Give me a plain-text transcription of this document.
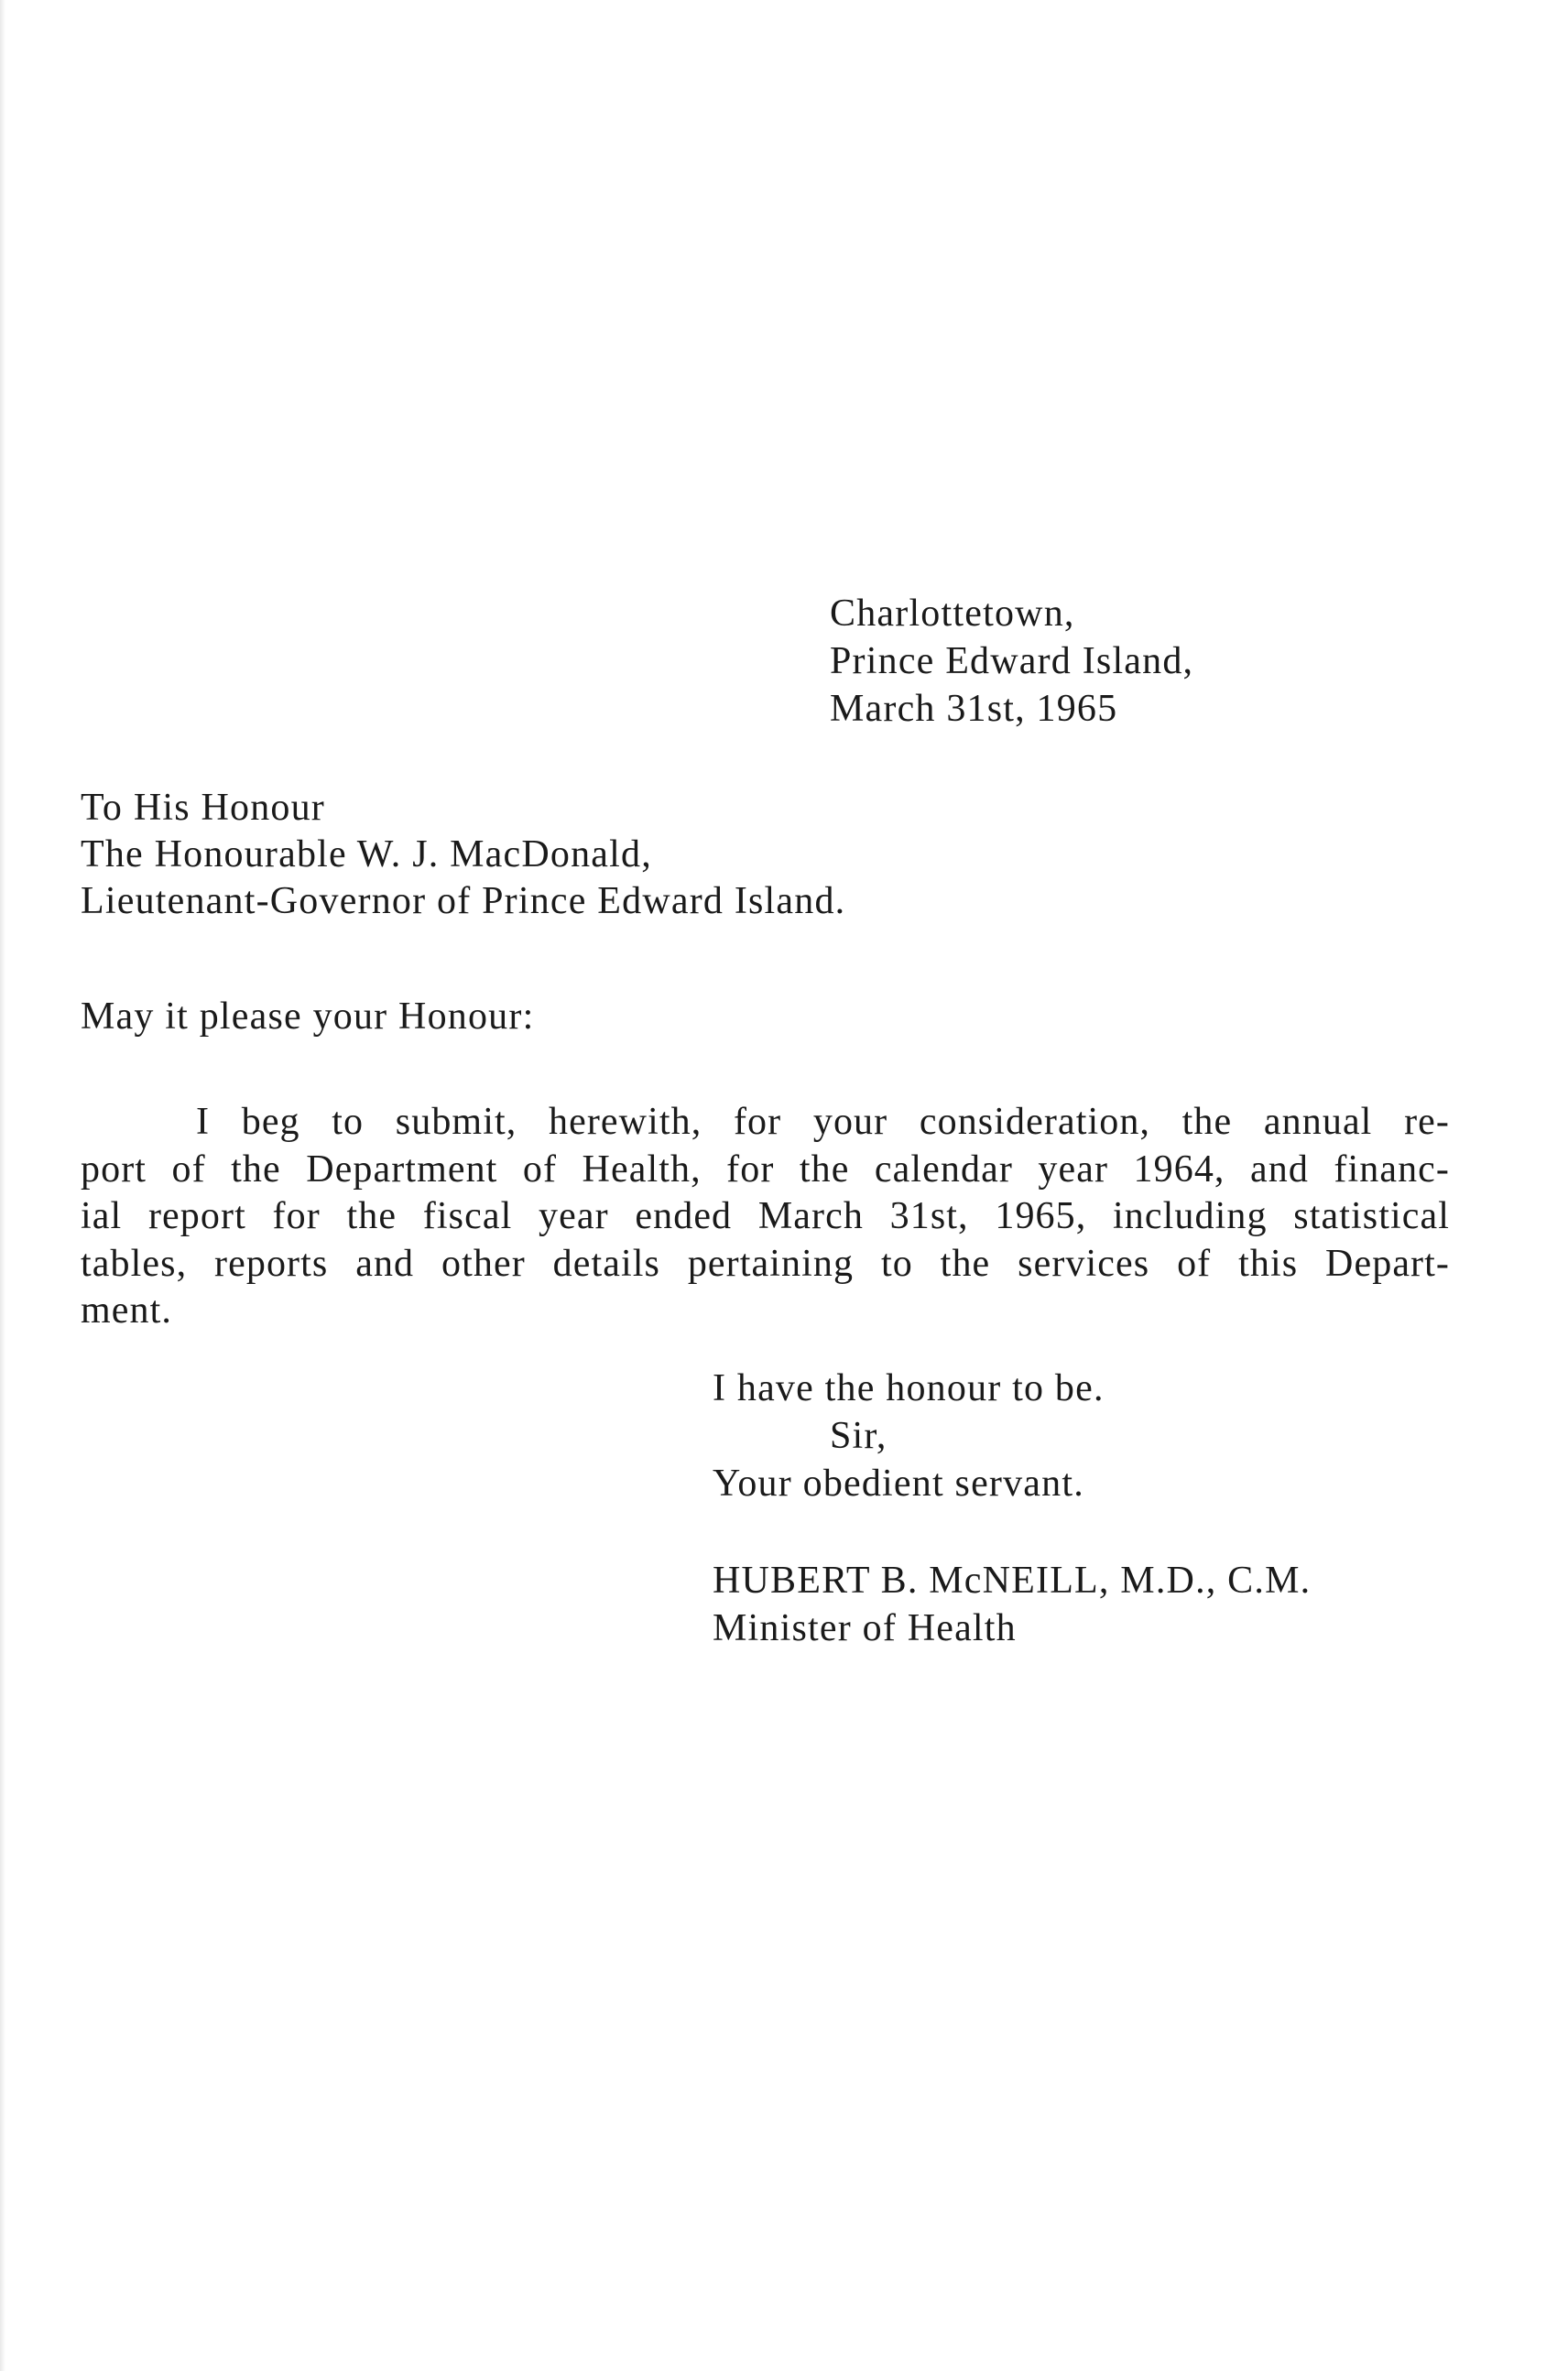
Charlottetown,
Prince Edward Island,
March 31st, 1965
To His Honour
The Honourable W. J. MacDonald,
Lieutenant-Governor of Prince Edward Island.
May it please your Honour:
I beg to submit, herewith, for your consideration, the annual re-
port of the Department of Health, for the calendar year 1964, and financ-
ial report for the fiscal year ended March 31st, 1965, including statistical
tables, reports and other details pertaining to the services of this Depart-
ment.
I have the honour to be.
Sir,
Your obedient servant.
HUBERT B. McNEILL, M.D., C.M.
Minister of Health
